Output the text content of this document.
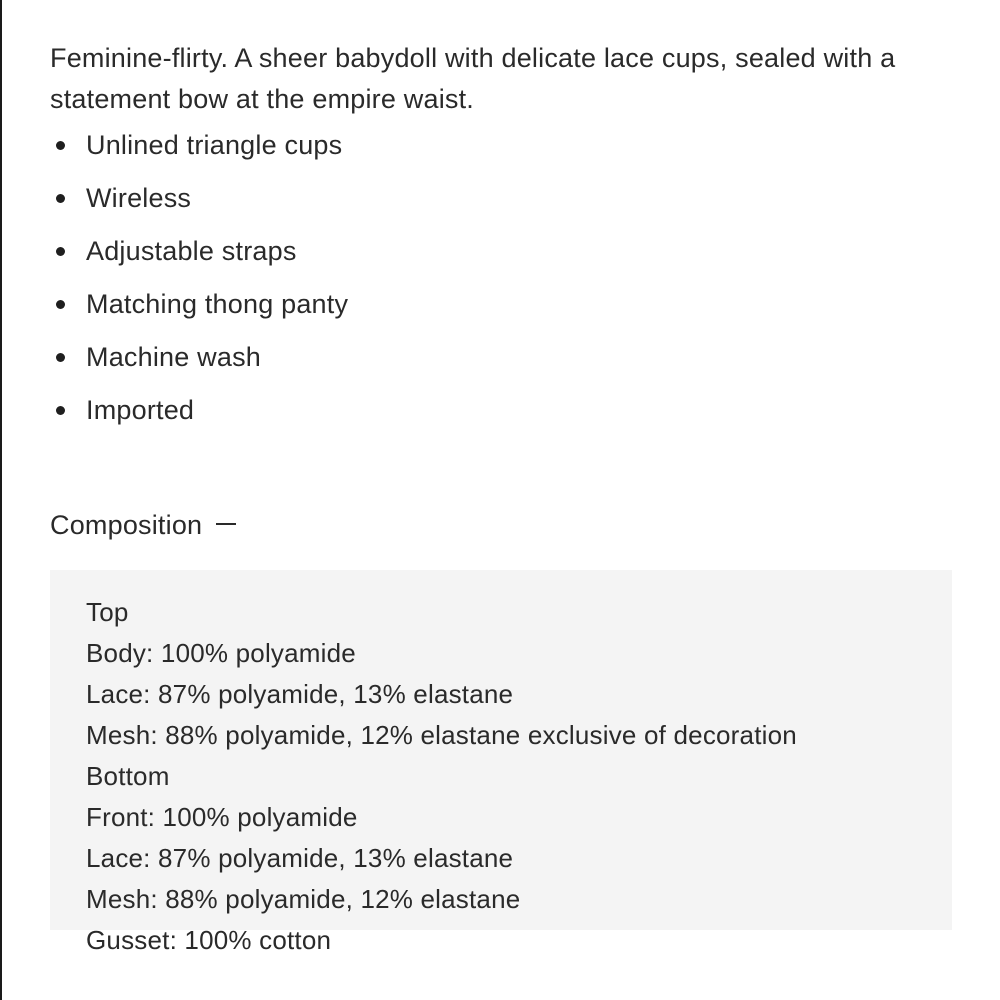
Feminine-flirty. A sheer babydoll with delicate lace cups, sealed with a statement bow at the empire waist.

Unlined triangle cups
Wireless
Adjustable straps
Matching thong panty
Machine wash
Imported
Composition
Top
Body: 100% polyamide
Lace: 87% polyamide, 13% elastane
Mesh: 88% polyamide, 12% elastane exclusive of decoration
Bottom
Front: 100% polyamide
Lace: 87% polyamide, 13% elastane
Mesh: 88% polyamide, 12% elastane
Gusset: 100% cotton
